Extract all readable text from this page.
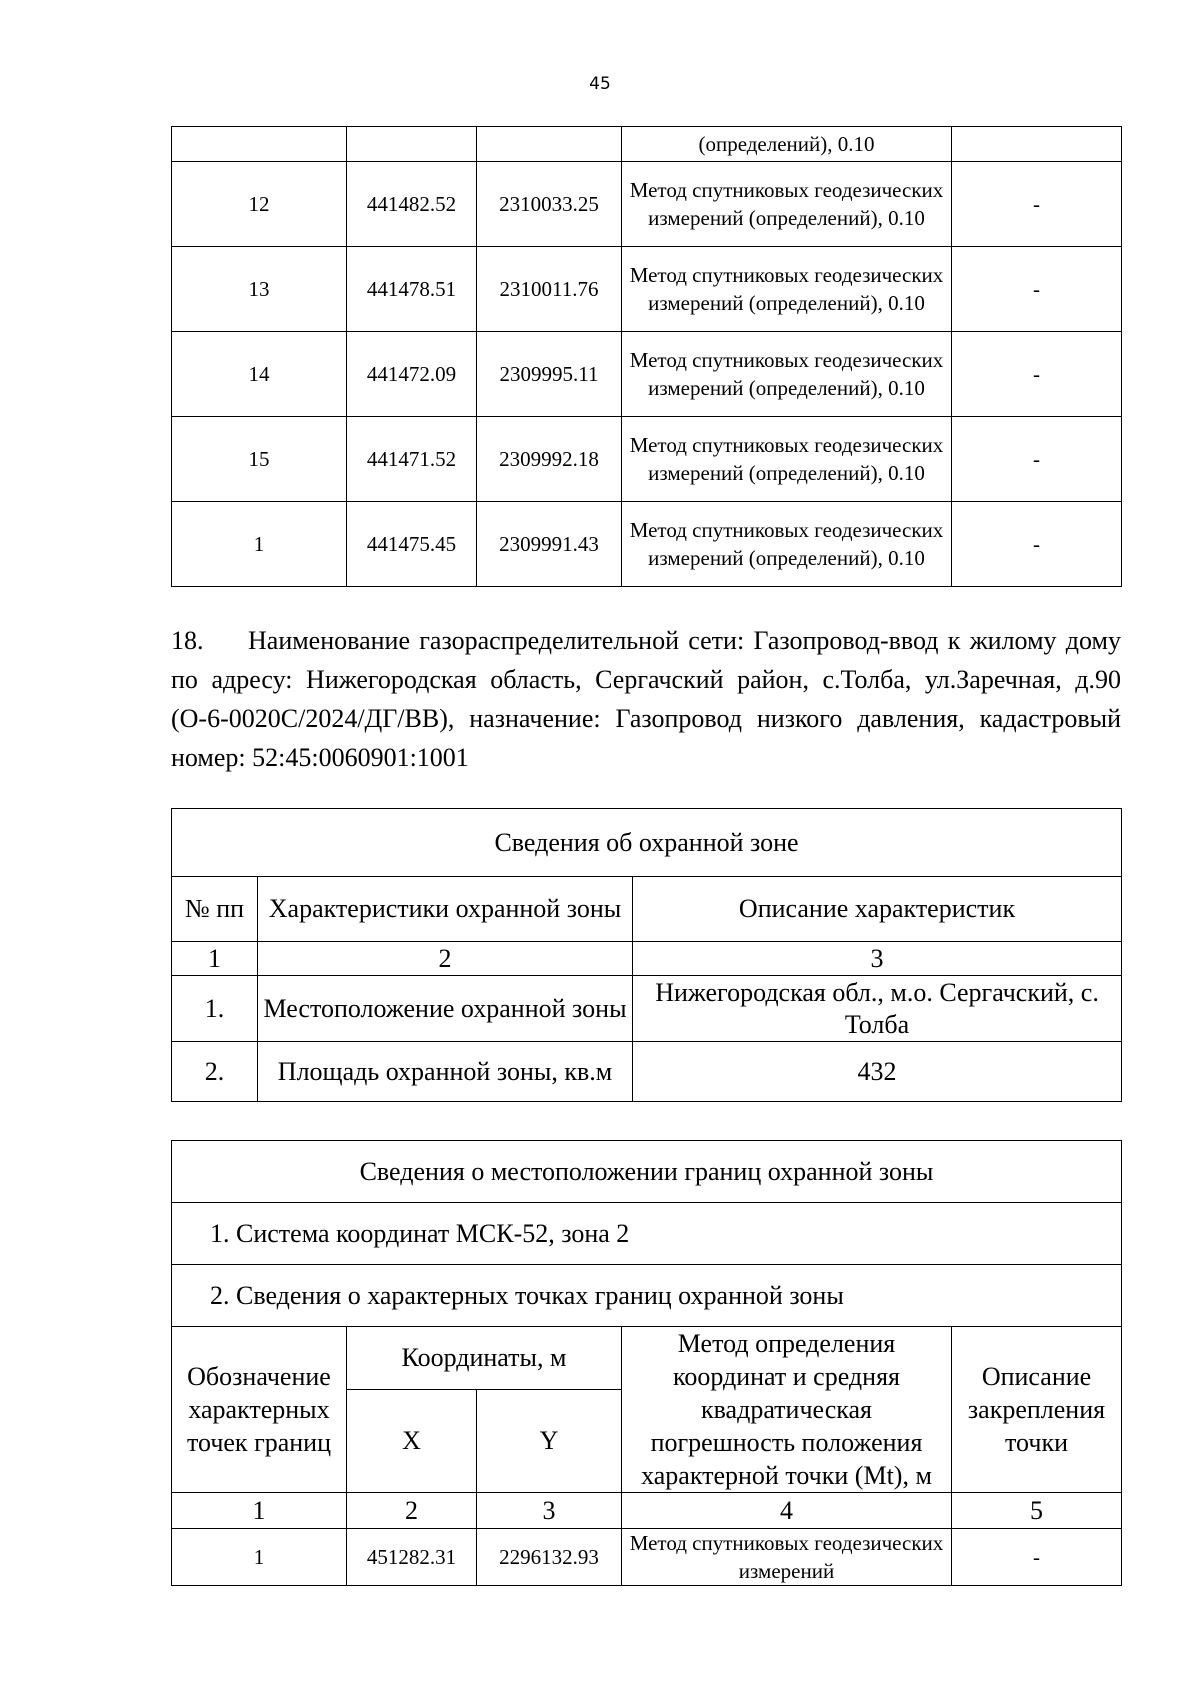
45
			(определений), 0.10	
12	441482.52	2310033.25	Метод спутниковых геодезических измерений (определений), 0.10	-
13	441478.51	2310011.76	Метод спутниковых геодезических измерений (определений), 0.10	-
14	441472.09	2309995.11	Метод спутниковых геодезических измерений (определений), 0.10	-
15	441471.52	2309992.18	Метод спутниковых геодезических измерений (определений), 0.10	-
1	441475.45	2309991.43	Метод спутниковых геодезических измерений (определений), 0.10	-
18. Наименование газораспределительной сети: Газопровод-ввод к жилому дому по адресу: Нижегородская область, Сергачский район, с.Толба, ул.Заречная, д.90 (О-6-0020С/2024/ДГ/ВВ), назначение: Газопровод низкого давления, кадастровый номер: 52:45:0060901:1001
Сведения об охранной зоне		
№ пп	Характеристики охранной зоны	Описание характеристик
1	2	3
1.	Местоположение охранной зоны	Нижегородская обл., м.о. Сергачский, с. Толба
2.	Площадь охранной зоны, кв.м	432
Сведения о местоположении границ охранной зоны				
1. Система координат МСК-52, зона 2				
2. Сведения о характерных точках границ охранной зоны				
Обозначение характерных точек границ	Координаты, м		Метод определения координат и средняя квадратическая погрешность положения характерной точки (Mt), м	Описание закрепления точки
	X	Y		
1	2	3	4	5
1	451282.31	2296132.93	Метод спутниковых геодезических измерений	-
